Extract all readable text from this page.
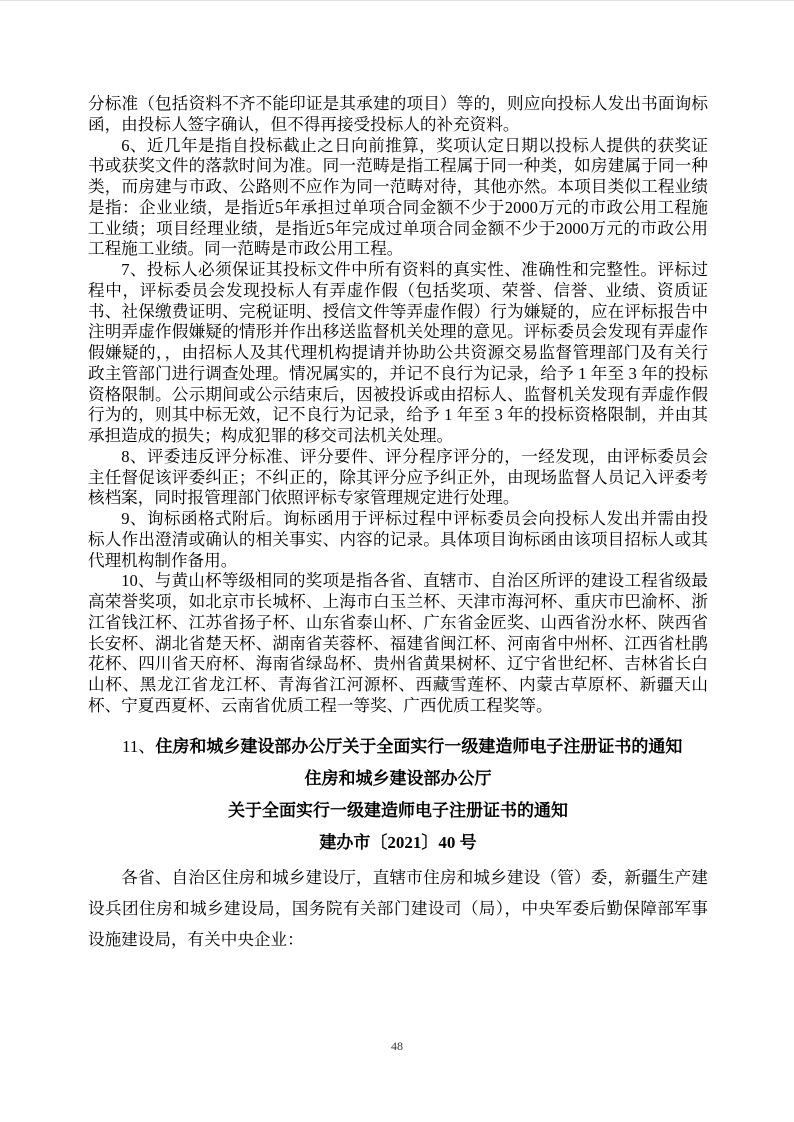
分标准（包括资料不齐不能印证是其承建的项目）等的，则应向投标人发出书面询标函，由投标人签字确认，但不得再接受投标人的补充资料。

6、近几年是指自投标截止之日向前推算，奖项认定日期以投标人提供的获奖证书或获奖文件的落款时间为准。同一范畴是指工程属于同一种类，如房建属于同一种类，而房建与市政、公路则不应作为同一范畴对待，其他亦然。本项目类似工程业绩是指：企业业绩，是指近5年承担过单项合同金额不少于2000万元的市政公用工程施工业绩；项目经理业绩，是指近5年完成过单项合同金额不少于2000万元的市政公用工程施工业绩。同一范畴是市政公用工程。

7、投标人必须保证其投标文件中所有资料的真实性、准确性和完整性。评标过程中，评标委员会发现投标人有弄虚作假（包括奖项、荣誉、信誉、业绩、资质证书、社保缴费证明、完税证明、授信文件等弄虚作假）行为嫌疑的，应在评标报告中注明弄虚作假嫌疑的情形并作出移送监督机关处理的意见。评标委员会发现有弄虚作假嫌疑的，，由招标人及其代理机构提请并协助公共资源交易监督管理部门及有关行政主管部门进行调查处理。情况属实的，并记不良行为记录，给予 1 年至 3 年的投标资格限制。公示期间或公示结束后，因被投诉或由招标人、监督机关发现有弄虚作假行为的，则其中标无效，记不良行为记录，给予 1 年至 3 年的投标资格限制，并由其承担造成的损失；构成犯罪的移交司法机关处理。

8、评委违反评分标准、评分要件、评分程序评分的，一经发现，由评标委员会主任督促该评委纠正；不纠正的，除其评分应予纠正外，由现场监督人员记入评委考核档案，同时报管理部门依照评标专家管理规定进行处理。

9、询标函格式附后。询标函用于评标过程中评标委员会向投标人发出并需由投标人作出澄清或确认的相关事实、内容的记录。具体项目询标函由该项目招标人或其代理机构制作备用。

10、与黄山杯等级相同的奖项是指各省、直辖市、自治区所评的建设工程省级最高荣誉奖项，如北京市长城杯、上海市白玉兰杯、天津市海河杯、重庆市巴渝杯、浙江省钱江杯、江苏省扬子杯、山东省泰山杯、广东省金匠奖、山西省汾水杯、陕西省长安杯、湖北省楚天杯、湖南省芙蓉杯、福建省闽江杯、河南省中州杯、江西省杜鹃花杯、四川省天府杯、海南省绿岛杯、贵州省黄果树杯、辽宁省世纪杯、吉林省长白山杯、黑龙江省龙江杯、青海省江河源杯、西藏雪莲杯、内蒙古草原杯、新疆天山杯、宁夏西夏杯、云南省优质工程一等奖、广西优质工程奖等。

11、住房和城乡建设部办公厅关于全面实行一级建造师电子注册证书的通知

住房和城乡建设部办公厅

关于全面实行一级建造师电子注册证书的通知

建办市〔2021〕40 号

各省、自治区住房和城乡建设厅，直辖市住房和城乡建设（管）委，新疆生产建设兵团住房和城乡建设局，国务院有关部门建设司（局），中央军委后勤保障部军事设施建设局，有关中央企业：

48
